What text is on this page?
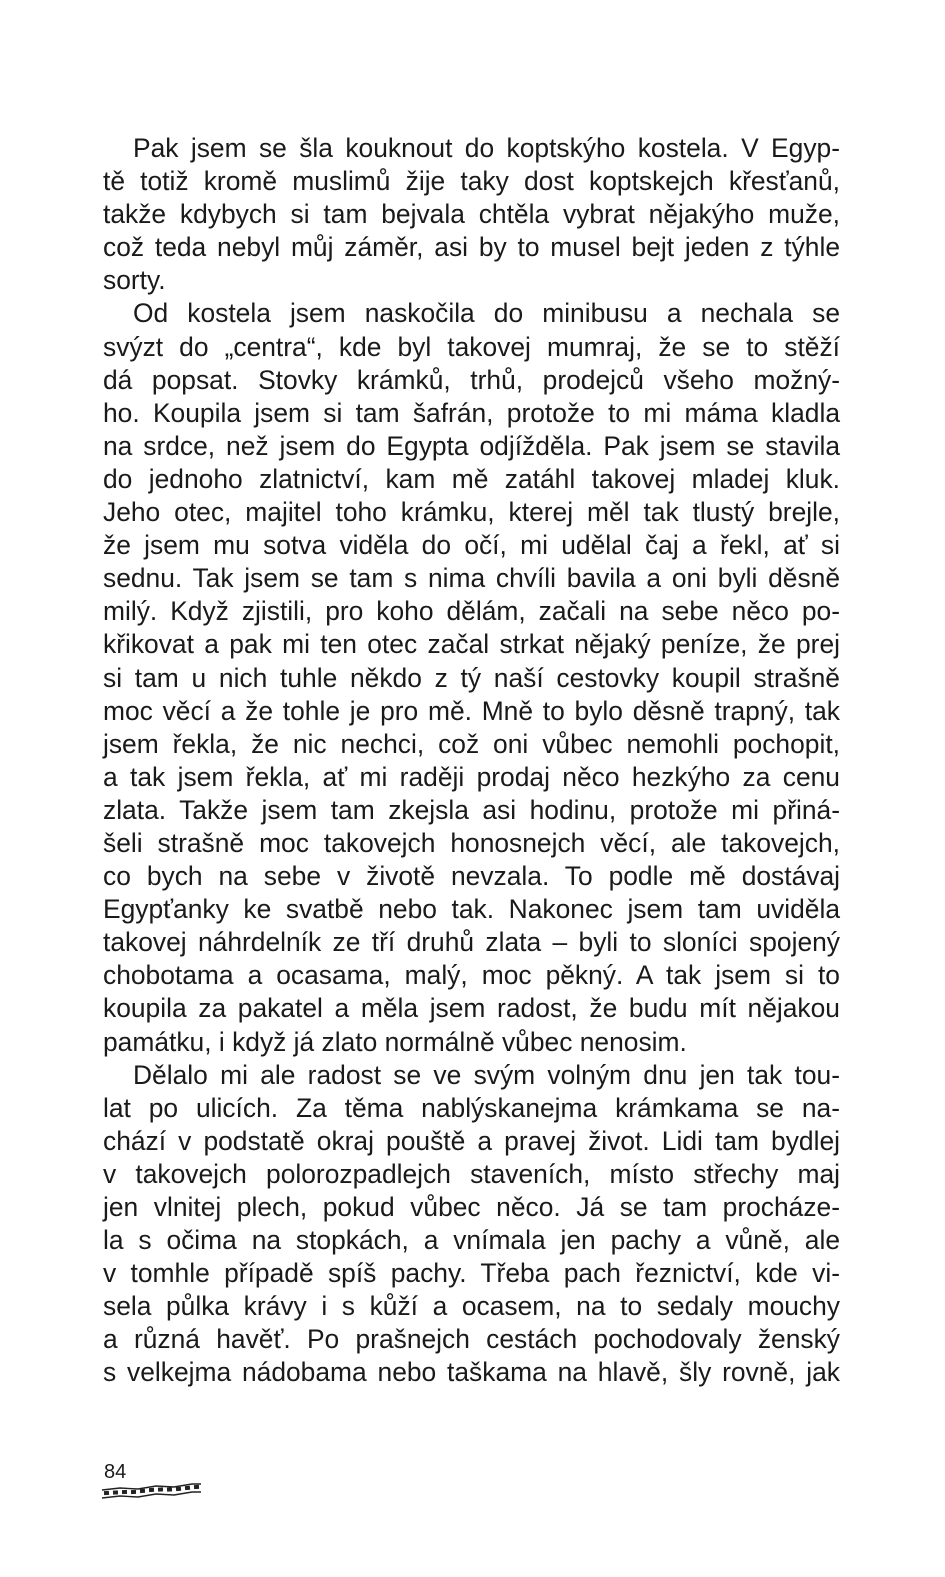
Pak jsem se šla kouknout do koptskýho kostela. V Egyp-
tě totiž kromě muslimů žije taky dost koptskejch křesťanů,
takže kdybych si tam bejvala chtěla vybrat nějakýho muže,
což teda nebyl můj záměr, asi by to musel bejt jeden z týhle
sorty.
Od kostela jsem naskočila do minibusu a nechala se
svýzt do „centra“, kde byl takovej mumraj, že se to stěží
dá popsat. Stovky krámků, trhů, prodejců všeho možný-
ho. Koupila jsem si tam šafrán, protože to mi máma kladla
na srdce, než jsem do Egypta odjížděla. Pak jsem se stavila
do jednoho zlatnictví, kam mě zatáhl takovej mladej kluk.
Jeho otec, majitel toho krámku, kterej měl tak tlustý brejle,
že jsem mu sotva viděla do očí, mi udělal čaj a řekl, ať si
sednu. Tak jsem se tam s nima chvíli bavila a oni byli děsně
milý. Když zjistili, pro koho dělám, začali na sebe něco po-
křikovat a pak mi ten otec začal strkat nějaký peníze, že prej
si tam u nich tuhle někdo z tý naší cestovky koupil strašně
moc věcí a že tohle je pro mě. Mně to bylo děsně trapný, tak
jsem řekla, že nic nechci, což oni vůbec nemohli pochopit,
a tak jsem řekla, ať mi raději prodaj něco hezkýho za cenu
zlata. Takže jsem tam zkejsla asi hodinu, protože mi přiná-
šeli strašně moc takovejch honosnejch věcí, ale takovejch,
co bych na sebe v životě nevzala. To podle mě dostávaj
Egypťanky ke svatbě nebo tak. Nakonec jsem tam uviděla
takovej náhrdelník ze tří druhů zlata – byli to sloníci spojený
chobotama a ocasama, malý, moc pěkný. A tak jsem si to
koupila za pakatel a měla jsem radost, že budu mít nějakou
památku, i když já zlato normálně vůbec nenosim.
Dělalo mi ale radost se ve svým volným dnu jen tak tou-
lat po ulicích. Za těma nablýskanejma krámkama se na-
chází v podstatě okraj pouště a pravej život. Lidi tam bydlej
v takovejch polorozpadlejch staveních, místo střechy maj
jen vlnitej plech, pokud vůbec něco. Já se tam procháze-
la s očima na stopkách, a vnímala jen pachy a vůně, ale
v tomhle případě spíš pachy. Třeba pach řeznictví, kde vi-
sela půlka krávy i s kůží a ocasem, na to sedaly mouchy
a různá havěť. Po prašnejch cestách pochodovaly ženský
s velkejma nádobama nebo taškama na hlavě, šly rovně, jak
84
